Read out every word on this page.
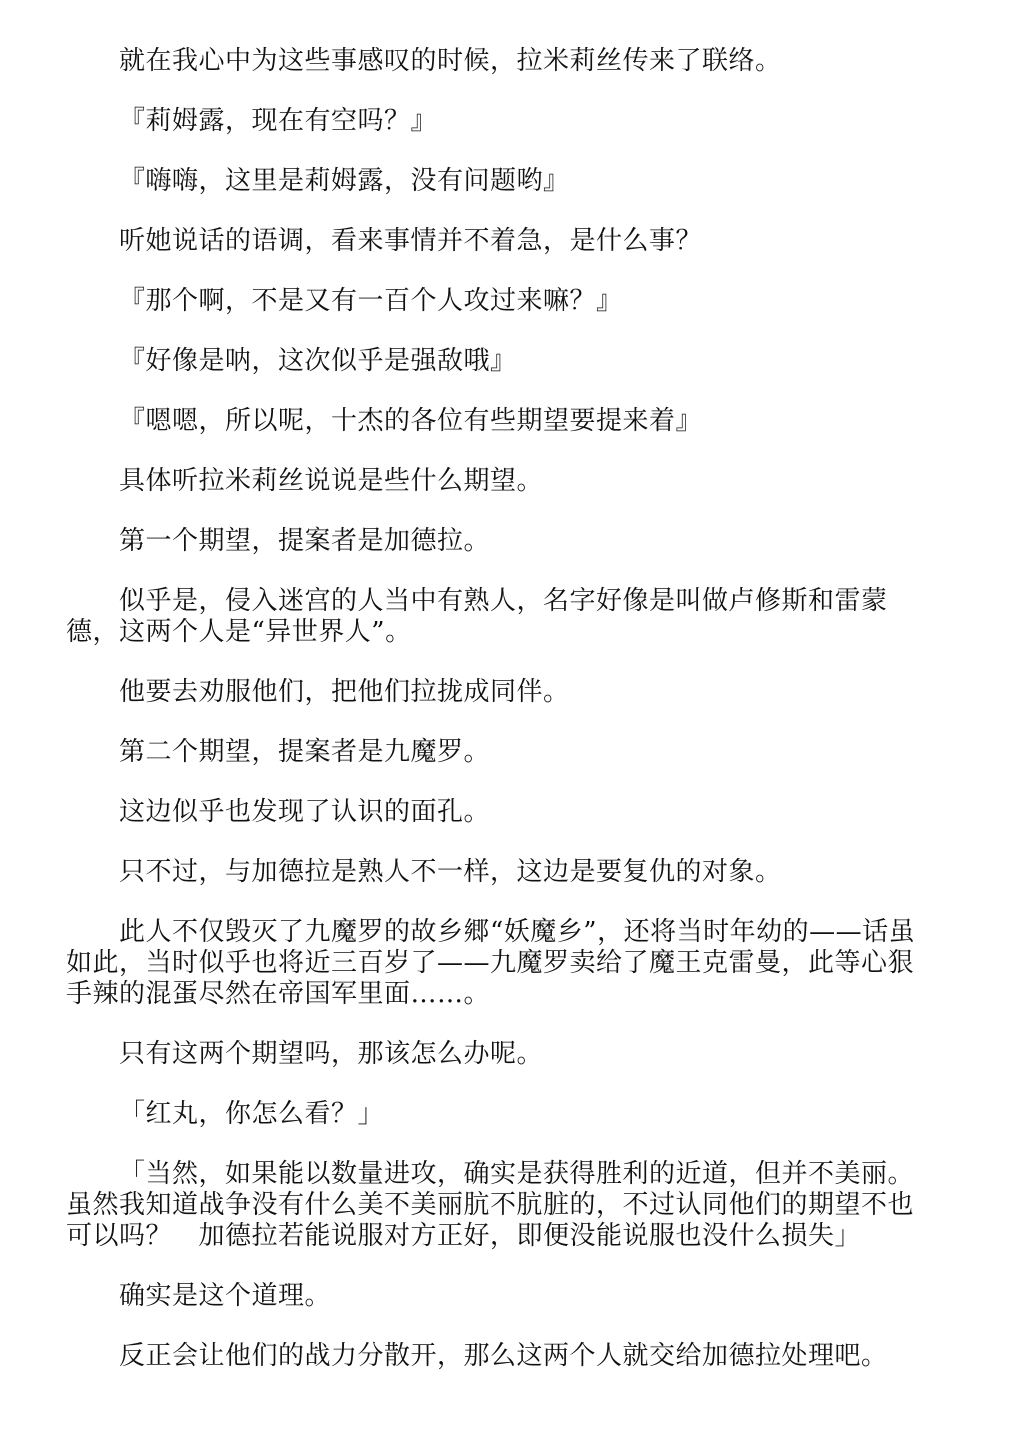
就在我心中为这些事感叹的时候，拉米莉丝传来了联络。

『莉姆露，现在有空吗？』

『嗨嗨，这里是莉姆露，没有问题哟』

听她说话的语调，看来事情并不着急，是什么事？

『那个啊，不是又有一百个人攻过来嘛？』

『好像是呐，这次似乎是强敌哦』

『嗯嗯，所以呢，十杰的各位有些期望要提来着』

具体听拉米莉丝说说是些什么期望。

第一个期望，提案者是加德拉。

似乎是，侵入迷宫的人当中有熟人，名字好像是叫做卢修斯和雷蒙德，这两个人是“异世界人”。

他要去劝服他们，把他们拉拢成同伴。

第二个期望，提案者是九魔罗。

这边似乎也发现了认识的面孔。

只不过，与加德拉是熟人不一样，这边是要复仇的对象。

此人不仅毁灭了九魔罗的故乡郷“妖魔乡”，还将当时年幼的——话虽如此，当时似乎也将近三百岁了——九魔罗卖给了魔王克雷曼，此等心狠手辣的混蛋尽然在帝国军里面……。

只有这两个期望吗，那该怎么办呢。

「红丸，你怎么看？」

「当然，如果能以数量进攻，确实是获得胜利的近道，但并不美丽。虽然我知道战争没有什么美不美丽肮不肮脏的，不过认同他们的期望不也可以吗？　加德拉若能说服对方正好，即便没能说服也没什么损失」

确实是这个道理。

反正会让他们的战力分散开，那么这两个人就交给加德拉处理吧。
